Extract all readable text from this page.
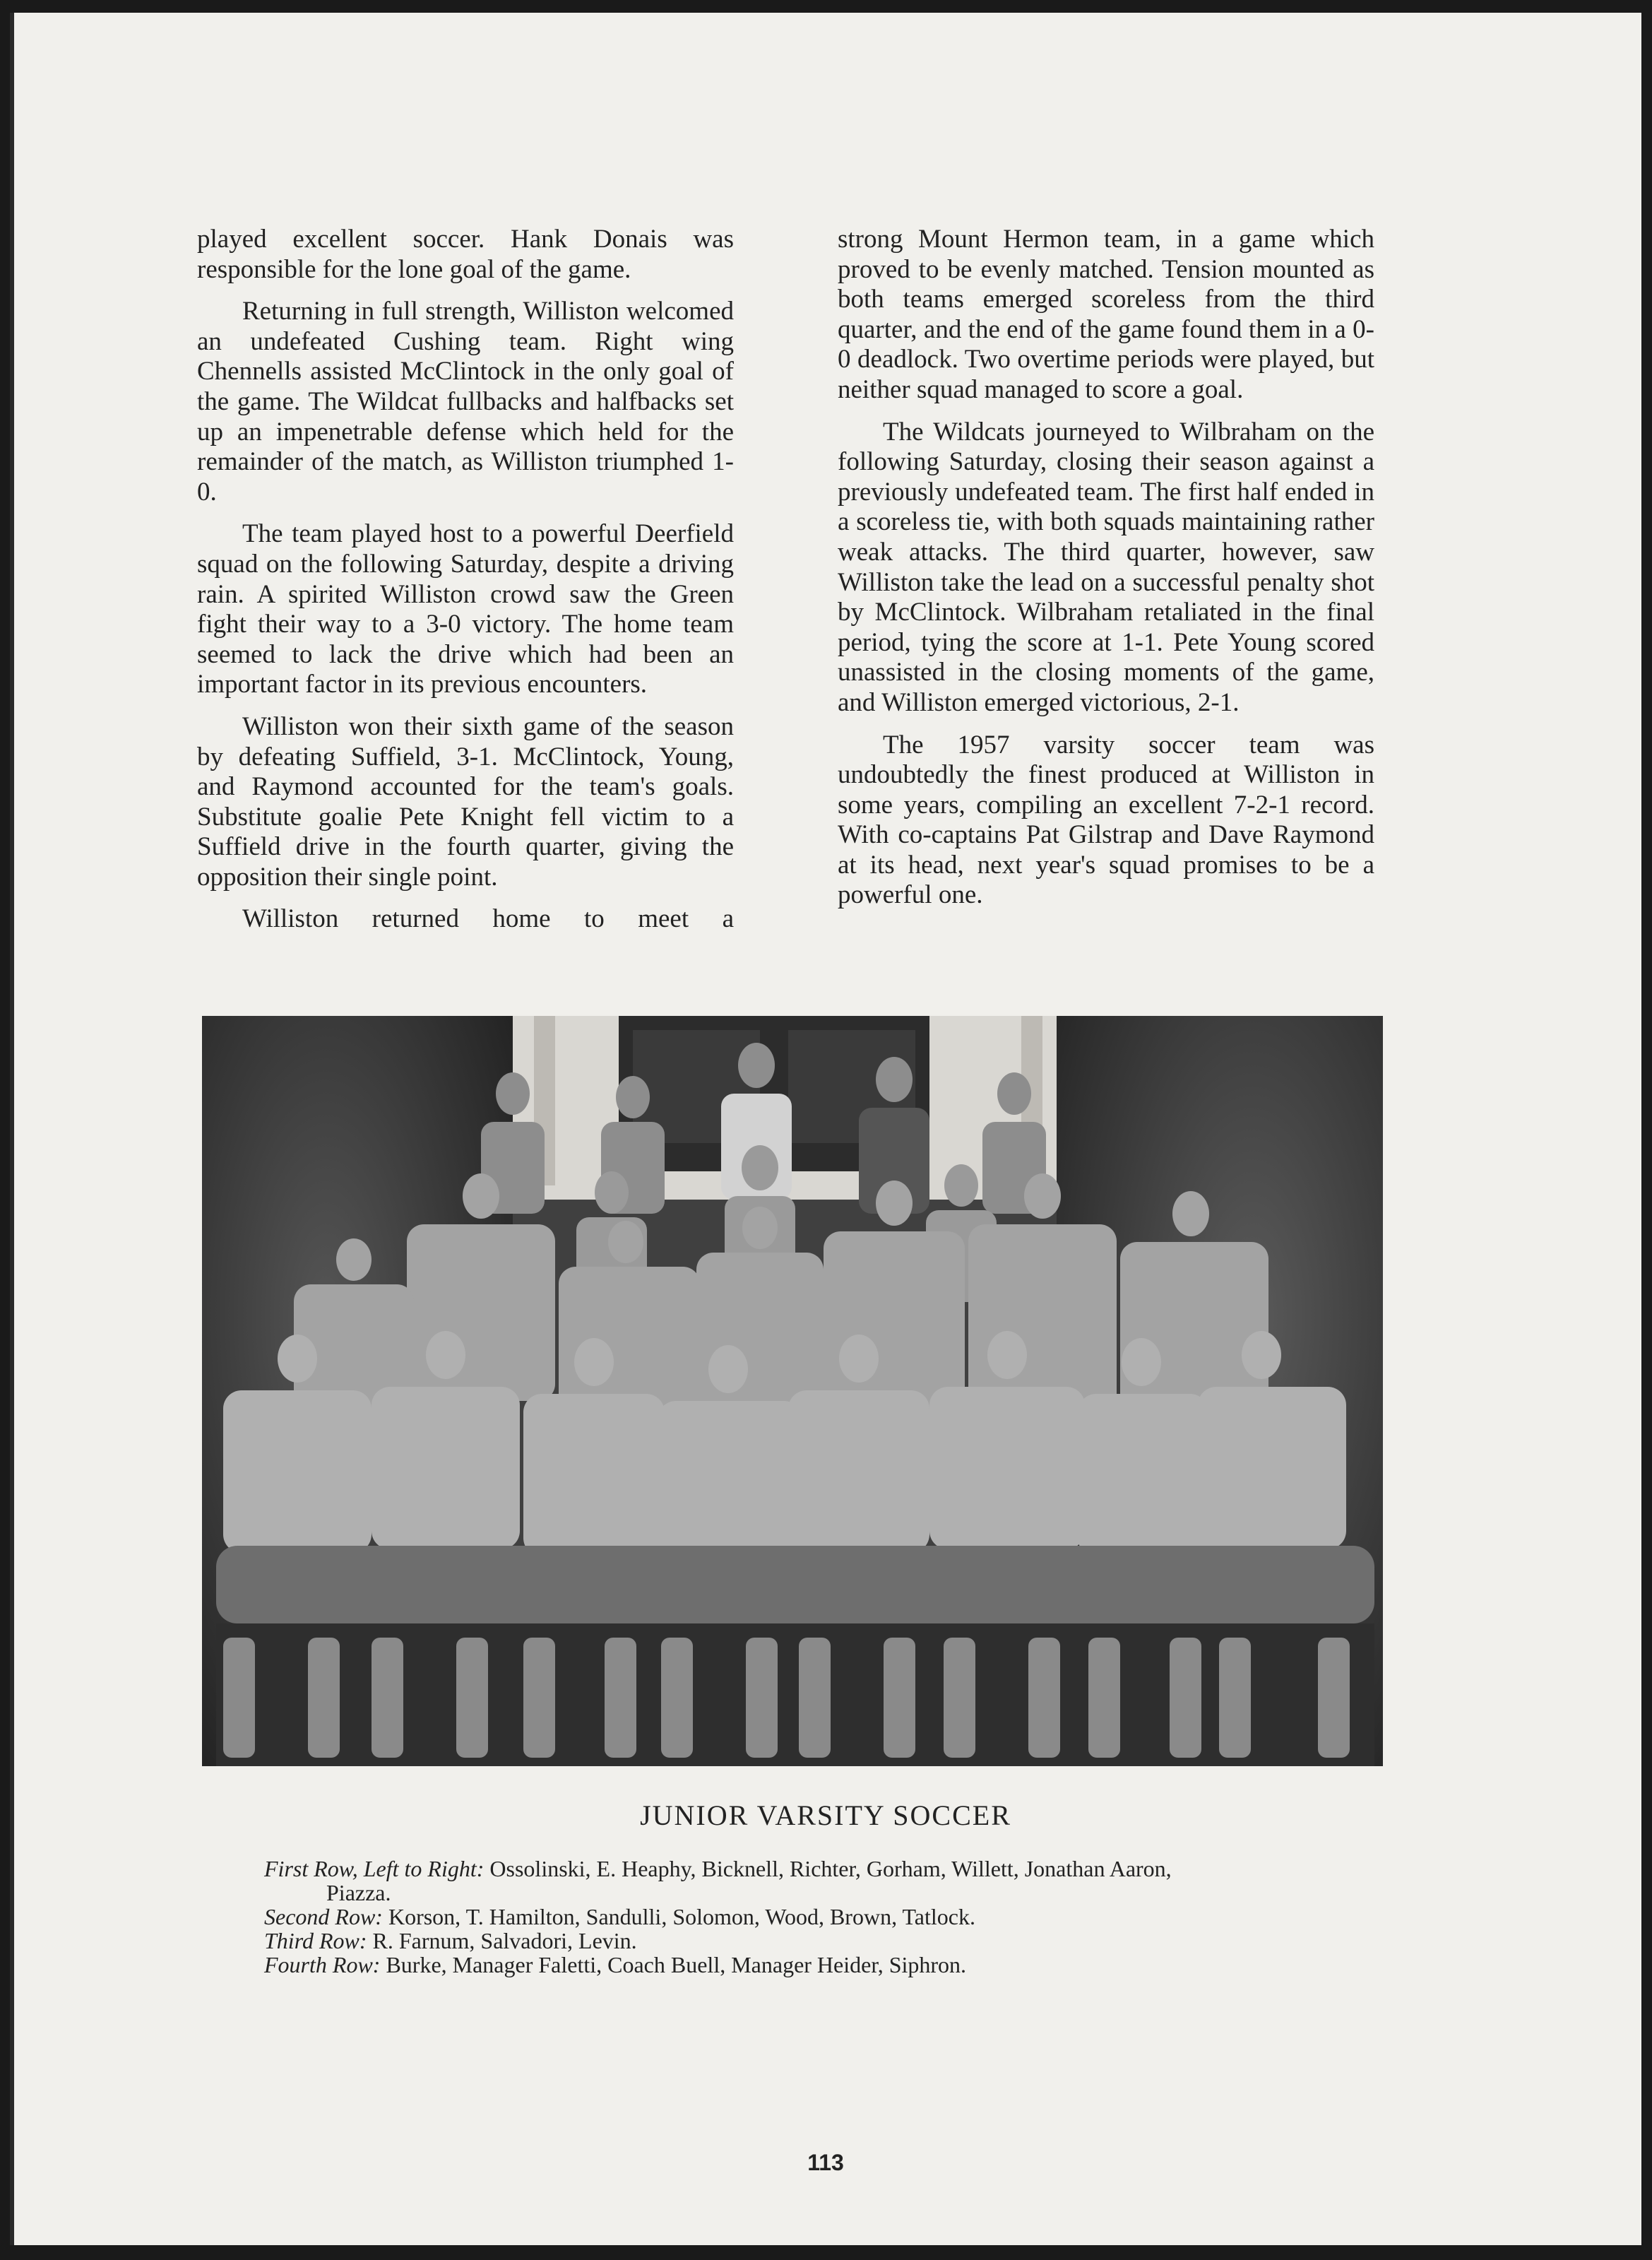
played excellent soccer. Hank Donais was responsible for the lone goal of the game.

Returning in full strength, Williston welcomed an undefeated Cushing team. Right wing Chennells assisted McClintock in the only goal of the game. The Wildcat fullbacks and halfbacks set up an impenetrable defense which held for the remainder of the match, as Williston triumphed 1-0.

The team played host to a powerful Deerfield squad on the following Saturday, despite a driving rain. A spirited Williston crowd saw the Green fight their way to a 3-0 victory. The home team seemed to lack the drive which had been an important factor in its previous encounters.

Williston won their sixth game of the season by defeating Suffield, 3-1. McClintock, Young, and Raymond accounted for the team's goals. Substitute goalie Pete Knight fell victim to a Suffield drive in the fourth quarter, giving the opposition their single point.

Williston returned home to meet a

strong Mount Hermon team, in a game which proved to be evenly matched. Tension mounted as both teams emerged scoreless from the third quarter, and the end of the game found them in a 0-0 deadlock. Two overtime periods were played, but neither squad managed to score a goal.

The Wildcats journeyed to Wilbraham on the following Saturday, closing their season against a previously undefeated team. The first half ended in a scoreless tie, with both squads maintaining rather weak attacks. The third quarter, however, saw Williston take the lead on a successful penalty shot by McClintock. Wilbraham retaliated in the final period, tying the score at 1-1. Pete Young scored unassisted in the closing moments of the game, and Williston emerged victorious, 2-1.

The 1957 varsity soccer team was undoubtedly the finest produced at Williston in some years, compiling an excellent 7-2-1 record. With co-captains Pat Gilstrap and Dave Raymond at its head, next year's squad promises to be a powerful one.

JUNIOR VARSITY SOCCER
First Row, Left to Right: Ossolinski, E. Heaphy, Bicknell, Richter, Gorham, Willett, Jonathan Aaron,
Piazza.
Second Row: Korson, T. Hamilton, Sandulli, Solomon, Wood, Brown, Tatlock.
Third Row: R. Farnum, Salvadori, Levin.
Fourth Row: Burke, Manager Faletti, Coach Buell, Manager Heider, Siphron.
113
